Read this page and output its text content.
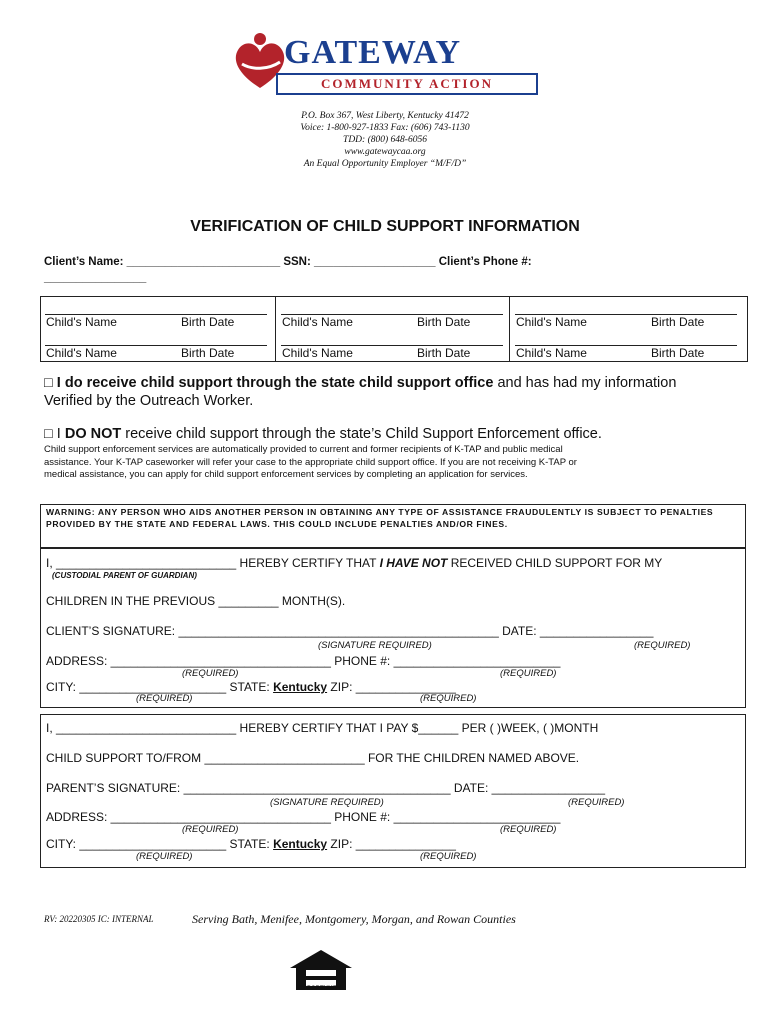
GATEWAY
COMMUNITY ACTION
P.O. Box 367, West Liberty, Kentucky 41472
Voice: 1-800-927-1833 Fax: (606) 743-1130
TDD: (800) 648-6056
www.gatewaycaa.org
An Equal Opportunity Employer “M/F/D”
VERIFICATION OF CHILD SUPPORT INFORMATION
Client’s Name: ________________________ SSN: ___________________ Client’s Phone #:
________________
Child's Name	Birth Date
Child's Name	Birth Date
Child's Name	Birth Date
Child's Name	Birth Date
Child's Name	Birth Date
Child's Name	Birth Date
□ I do receive child support through the state child support office and has had my information
Verified by the Outreach Worker.
□ I DO NOT receive child support through the state’s Child Support Enforcement office.
Child support enforcement services are automatically provided to current and former recipients of K-TAP and public medical
assistance. Your K-TAP caseworker will refer your case to the appropriate child support office. If you are not receiving K-TAP or
medical assistance, you can apply for child support enforcement services by completing an application for services.
WARNING: ANY PERSON WHO AIDS ANOTHER PERSON IN OBTAINING ANY TYPE OF ASSISTANCE FRAUDULENTLY IS SUBJECT TO PENALTIES PROVIDED BY THE STATE AND FEDERAL LAWS. THIS COULD INCLUDE PENALTIES AND/OR FINES.
I, ___________________________ HEREBY CERTIFY THAT I HAVE NOT RECEIVED CHILD SUPPORT FOR MY
(CUSTODIAL PARENT OF GUARDIAN)
CHILDREN IN THE PREVIOUS _________ MONTH(S).
CLIENT’S SIGNATURE: ________________________________________________ DATE: _________________
(SIGNATURE REQUIRED)	(REQUIRED)
ADDRESS: _________________________________ PHONE #: _________________________
(REQUIRED)	(REQUIRED)
CITY: ______________________ STATE: Kentucky ZIP: _______________
(REQUIRED)	(REQUIRED)
I, ___________________________ HEREBY CERTIFY THAT I PAY $______ PER ( )WEEK, ( )MONTH
CHILD SUPPORT TO/FROM ________________________ FOR THE CHILDREN NAMED ABOVE.
PARENT’S SIGNATURE: ________________________________________ DATE: _________________
(SIGNATURE REQUIRED)	(REQUIRED)
ADDRESS: _________________________________ PHONE #: _________________________
(REQUIRED)	(REQUIRED)
CITY: ______________________ STATE: Kentucky ZIP: _______________
(REQUIRED)	(REQUIRED)
RV: 20220305 IC: INTERNAL	Serving Bath, Menifee, Montgomery, Morgan, and Rowan Counties
OPPORTUNITY
